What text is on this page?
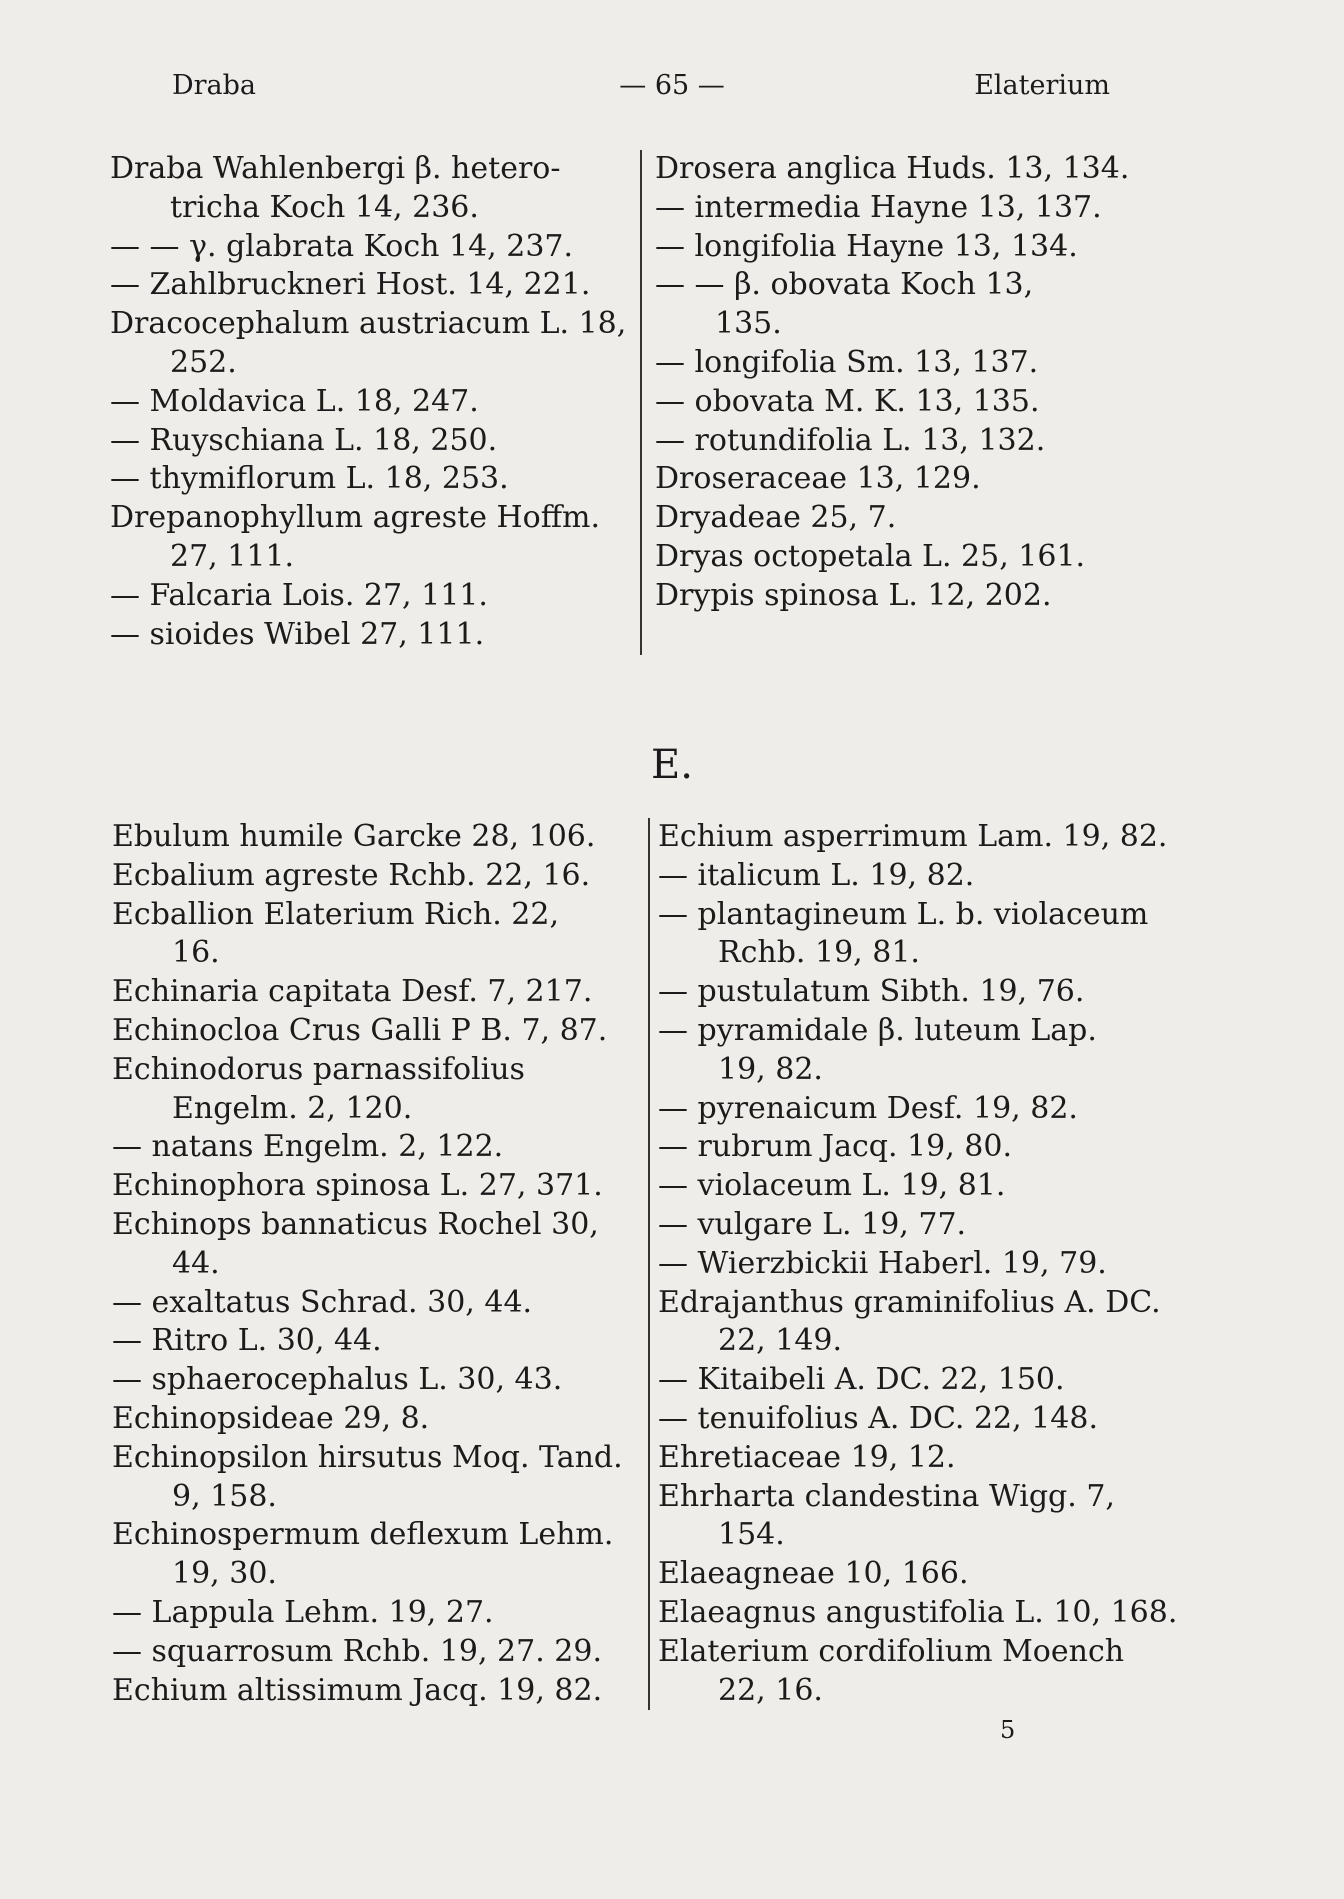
Draba	— 65 —	Elaterium
Draba Wahlenbergi β. hetero-
tricha Koch 14, 236.
— — γ. glabrata Koch 14, 237.
— Zahlbruckneri Host. 14, 221.
Dracocephalum austriacum L. 18,
252.
— Moldavica L. 18, 247.
— Ruyschiana L. 18, 250.
— thymiflorum L. 18, 253.
Drepanophyllum agreste Hoffm.
27, 111.
— Falcaria Lois. 27, 111.
— sioides Wibel 27, 111.
Drosera anglica Huds. 13, 134.
— intermedia Hayne 13, 137.
— longifolia Hayne 13, 134.
— — β. obovata Koch 13,
135.
— longifolia Sm. 13, 137.
— obovata M. K. 13, 135.
— rotundifolia L. 13, 132.
Droseraceae 13, 129.
Dryadeae 25, 7.
Dryas octopetala L. 25, 161.
Drypis spinosa L. 12, 202.
E.
Ebulum humile Garcke 28, 106.
Ecbalium agreste Rchb. 22, 16.
Ecballion Elaterium Rich. 22,
16.
Echinaria capitata Desf. 7, 217.
Echinocloa Crus Galli P B. 7, 87.
Echinodorus parnassifolius
Engelm. 2, 120.
— natans Engelm. 2, 122.
Echinophora spinosa L. 27, 371.
Echinops bannaticus Rochel 30,
44.
— exaltatus Schrad. 30, 44.
— Ritro L. 30, 44.
— sphaerocephalus L. 30, 43.
Echinopsideae 29, 8.
Echinopsilon hirsutus Moq. Tand.
9, 158.
Echinospermum deflexum Lehm.
19, 30.
— Lappula Lehm. 19, 27.
— squarrosum Rchb. 19, 27. 29.
Echium altissimum Jacq. 19, 82.
Echium asperrimum Lam. 19, 82.
— italicum L. 19, 82.
— plantagineum L. b. violaceum
Rchb. 19, 81.
— pustulatum Sibth. 19, 76.
— pyramidale β. luteum Lap.
19, 82.
— pyrenaicum Desf. 19, 82.
— rubrum Jacq. 19, 80.
— violaceum L. 19, 81.
— vulgare L. 19, 77.
— Wierzbickii Haberl. 19, 79.
Edrajanthus graminifolius A. DC.
22, 149.
— Kitaibeli A. DC. 22, 150.
— tenuifolius A. DC. 22, 148.
Ehretiaceae 19, 12.
Ehrharta clandestina Wigg. 7,
154.
Elaeagneae 10, 166.
Elaeagnus angustifolia L. 10, 168.
Elaterium cordifolium Moench
22, 16.
5
